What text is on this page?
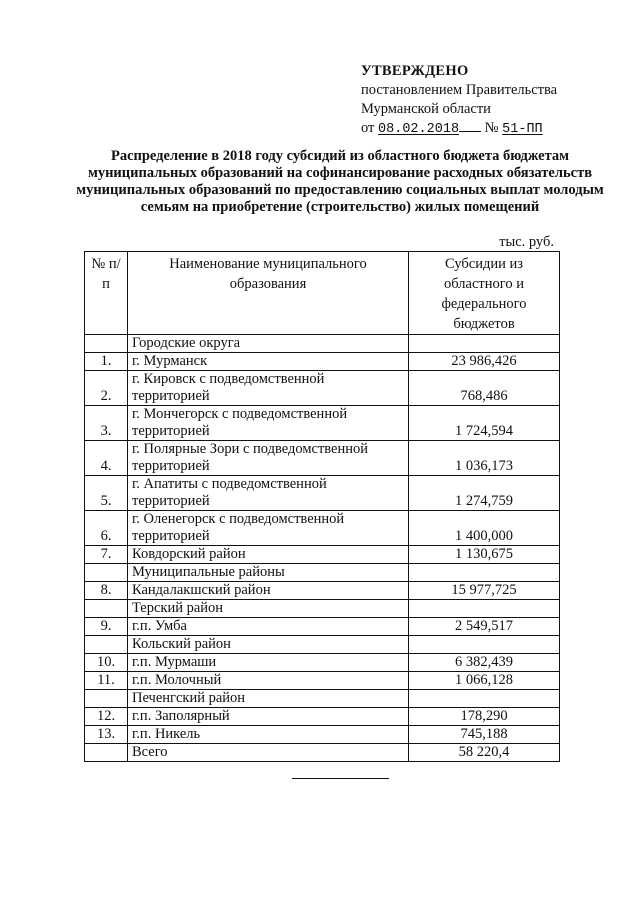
УТВЕРЖДЕНО
постановлением Правительства
Мурманской области
от 08.02.2018 № 51-ПП
Распределение в 2018 году субсидий из областного бюджета бюджетам муниципальных образований на софинансирование расходных обязательств муниципальных образований по предоставлению социальных выплат молодым семьям на приобретение (строительство) жилых помещений
тыс. руб.
№ п/п	Наименование муниципального образования	Субсидии из областного и федерального бюджетов
	Городские округа	
1.	г. Мурманск	23 986,426
2.	г. Кировск с подведомственной территорией	768,486
3.	г. Мончегорск с подведомственной территорией	1 724,594
4.	г. Полярные Зори с подведомственной территорией	1 036,173
5.	г. Апатиты с подведомственной территорией	1 274,759
6.	г. Оленегорск с подведомственной территорией	1 400,000
7.	Ковдорский район	1 130,675
	Муниципальные районы	
8.	Кандалакшский район	15 977,725
	Терский район	
9.	г.п. Умба	2 549,517
	Кольский район	
10.	г.п. Мурмаши	6 382,439
11.	г.п. Молочный	1 066,128
	Печенгский район	
12.	г.п. Заполярный	178,290
13.	г.п. Никель	745,188
	Всего	58 220,4
